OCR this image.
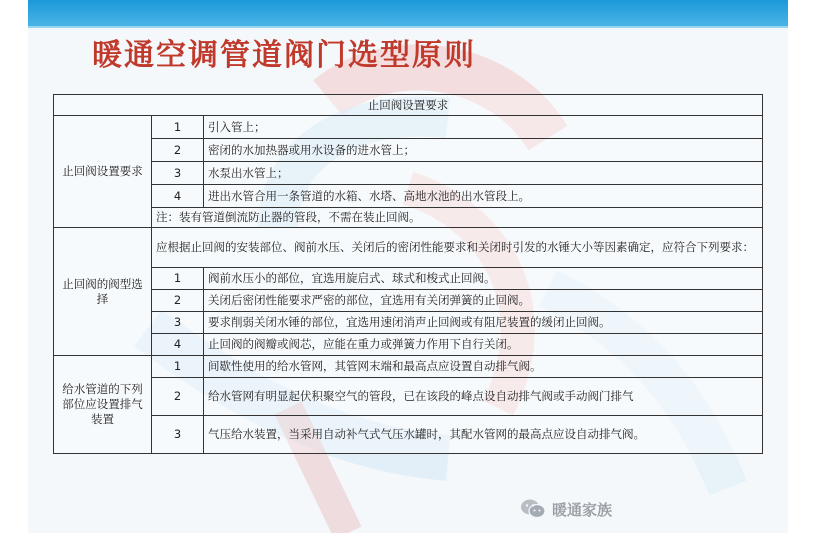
暖通空调管道阀门选型原则
止回阀设置要求		
止回阀设置要求	1	引入管上；
	2	密闭的水加热器或用水设备的进水管上；
	3	水泵出水管上；
	4	进出水管合用一条管道的水箱、水塔、高地水池的出水管段上。
	注：装有管道倒流防止器的管段，不需在装止回阀。	
止回阀的阀型选择	应根据止回阀的安装部位、阀前水压、关闭后的密闭性能要求和关闭时引发的水锤大小等因素确定，应符合下列要求：	
	1	阀前水压小的部位，宜选用旋启式、球式和梭式止回阀。
	2	关闭后密闭性能要求严密的部位，宜选用有关闭弹簧的止回阀。
	3	要求削弱关闭水锤的部位，宜选用速闭消声止回阀或有阻尼装置的缓闭止回阀。
	4	止回阀的阀瓣或阀芯，应能在重力或弹簧力作用下自行关闭。
给水管道的下列部位应设置排气装置	1	间歇性使用的给水管网，其管网末端和最高点应设置自动排气阀。
	2	给水管网有明显起伏积聚空气的管段，已在该段的峰点设自动排气阀或手动阀门排气
	3	气压给水装置，当采用自动补气式气压水罐时，其配水管网的最高点应设自动排气阀。
暖通家族
